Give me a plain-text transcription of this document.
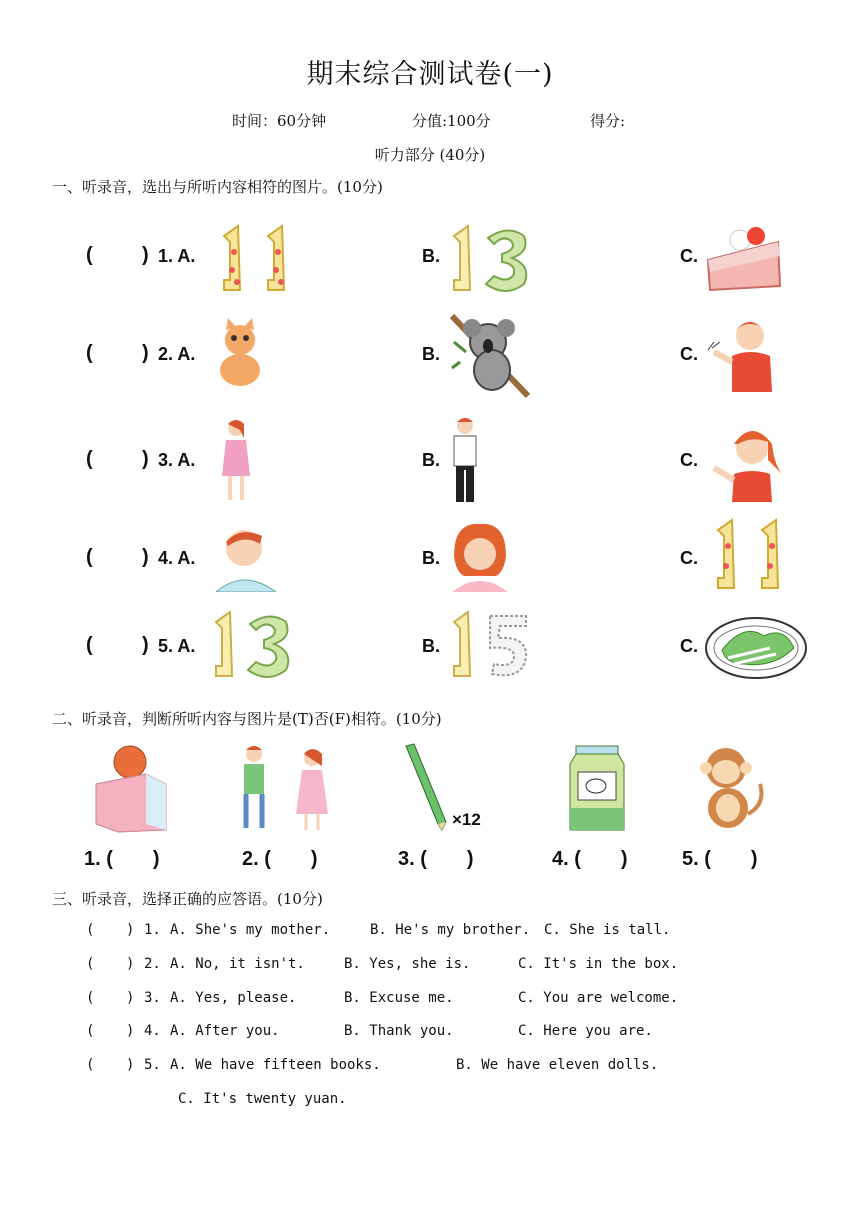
期末综合测试卷(一)
时间：60分钟	分值:100分	得分:
听力部分 (40分)
一、听录音，选出与所听内容相符的图片。(10分)
( ) 1. A.	B.	C.
( ) 2. A.	B.	C.
( ) 3. A.	B.	C.
( ) 4. A.	B.	C.
( ) 5. A.	B.	C.
二、听录音，判断所听内容与图片是(T)否(F)相符。(10分)
×12
1. (　　)	2. (　　)	3. (　　)	4. (　　)	5. (　　)
三、听录音，选择正确的应答语。(10分)
( ) 1. A. She's my mother.	B. He's my brother. C. She is tall.
( ) 2. A. No, it isn't.	B. Yes, she is.	C. It's in the box.
( ) 3. A. Yes, please.	B. Excuse me.	C. You are welcome.
( ) 4. A. After you.	B. Thank you.	C. Here you are.
( ) 5. A. We have fifteen books.	B. We have eleven dolls.
C. It's twenty yuan.
